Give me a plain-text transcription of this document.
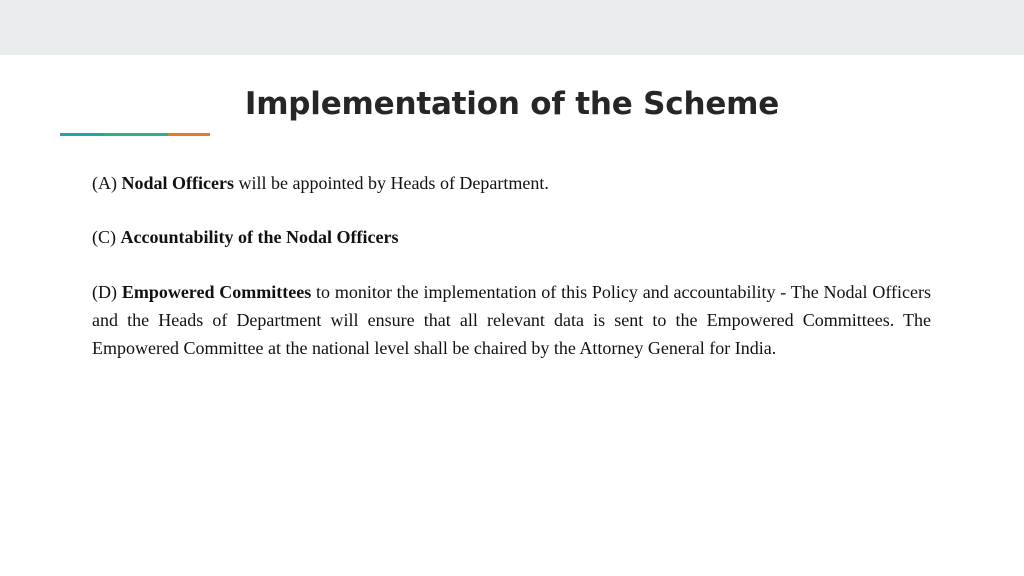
Implementation of the Scheme

(A) Nodal Officers will be appointed by Heads of Department.

(C) Accountability of the Nodal Officers

(D) Empowered Committees to monitor the implementation of this Policy and accountability - The Nodal Officers and the Heads of Department will ensure that all relevant data is sent to the Empowered Committees. The Empowered Committee at the national level shall be chaired by the Attorney General for India.
